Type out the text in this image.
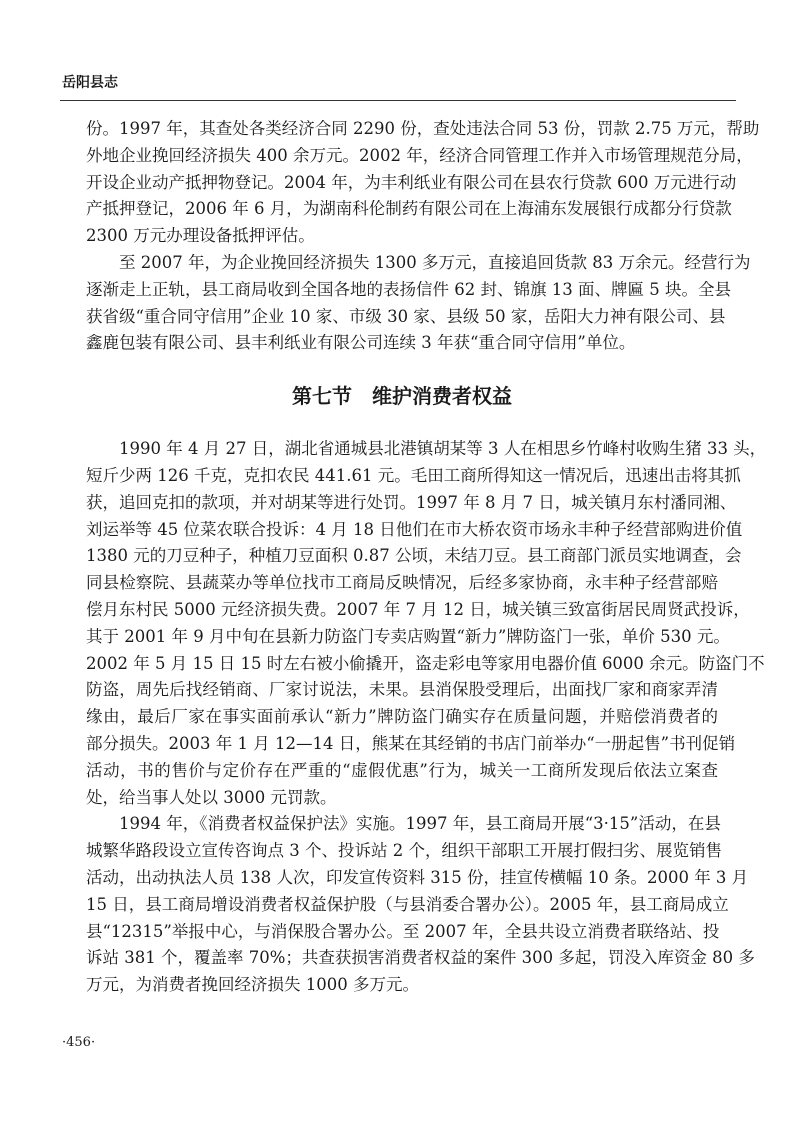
岳阳县志
份。1997 年，其查处各类经济合同 2290 份，查处违法合同 53 份，罚款 2.75 万元，帮助
外地企业挽回经济损失 400 余万元。2002 年，经济合同管理工作并入市场管理规范分局，
开设企业动产抵押物登记。2004 年，为丰利纸业有限公司在县农行贷款 600 万元进行动
产抵押登记，2006 年 6 月，为湖南科伦制药有限公司在上海浦东发展银行成都分行贷款
2300 万元办理设备抵押评估。
至 2007 年，为企业挽回经济损失 1300 多万元，直接追回货款 83 万余元。经营行为
逐渐走上正轨，县工商局收到全国各地的表扬信件 62 封、锦旗 13 面、牌匾 5 块。全县
获省级“重合同守信用”企业 10 家、市级 30 家、县级 50 家，岳阳大力神有限公司、县
鑫鹿包装有限公司、县丰利纸业有限公司连续 3 年获“重合同守信用”单位。
第七节　维护消费者权益
1990 年 4 月 27 日，湖北省通城县北港镇胡某等 3 人在相思乡竹峰村收购生猪 33 头，
短斤少两 126 千克，克扣农民 441.61 元。毛田工商所得知这一情况后，迅速出击将其抓
获，追回克扣的款项，并对胡某等进行处罚。1997 年 8 月 7 日，城关镇月东村潘同湘、
刘运举等 45 位菜农联合投诉：4 月 18 日他们在市大桥农资市场永丰种子经营部购进价值
1380 元的刀豆种子，种植刀豆面积 0.87 公顷，未结刀豆。县工商部门派员实地调查，会
同县检察院、县蔬菜办等单位找市工商局反映情况，后经多家协商，永丰种子经营部赔
偿月东村民 5000 元经济损失费。2007 年 7 月 12 日，城关镇三致富街居民周贤武投诉，
其于 2001 年 9 月中旬在县新力防盗门专卖店购置“新力”牌防盗门一张，单价 530 元。
2002 年 5 月 15 日 15 时左右被小偷撬开，盗走彩电等家用电器价值 6000 余元。防盗门不
防盗，周先后找经销商、厂家讨说法，未果。县消保股受理后，出面找厂家和商家弄清
缘由，最后厂家在事实面前承认“新力”牌防盗门确实存在质量问题，并赔偿消费者的
部分损失。2003 年 1 月 12—14 日，熊某在其经销的书店门前举办“一册起售”书刊促销
活动，书的售价与定价存在严重的“虚假优惠”行为，城关一工商所发现后依法立案查
处，给当事人处以 3000 元罚款。
1994 年，《消费者权益保护法》实施。1997 年，县工商局开展“3·15”活动，在县
城繁华路段设立宣传咨询点 3 个、投诉站 2 个，组织干部职工开展打假扫劣、展览销售
活动，出动执法人员 138 人次，印发宣传资料 315 份，挂宣传横幅 10 条。2000 年 3 月
15 日，县工商局增设消费者权益保护股（与县消委合署办公）。2005 年，县工商局成立
县“12315”举报中心，与消保股合署办公。至 2007 年，全县共设立消费者联络站、投
诉站 381 个，覆盖率 70%；共查获损害消费者权益的案件 300 多起，罚没入库资金 80 多
万元，为消费者挽回经济损失 1000 多万元。
·456·
